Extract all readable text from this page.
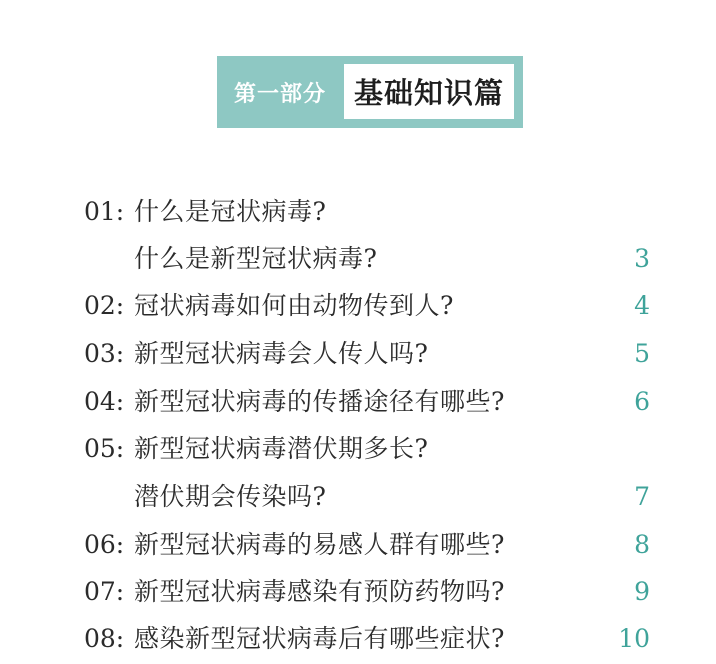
第一部分 基础知识篇
01: 什么是冠状病毒?
什么是新型冠状病毒?	3
02: 冠状病毒如何由动物传到人?	4
03: 新型冠状病毒会人传人吗?	5
04: 新型冠状病毒的传播途径有哪些?	6
05: 新型冠状病毒潜伏期多长?
潜伏期会传染吗?	7
06: 新型冠状病毒的易感人群有哪些?	8
07: 新型冠状病毒感染有预防药物吗?	9
08: 感染新型冠状病毒后有哪些症状?	10
